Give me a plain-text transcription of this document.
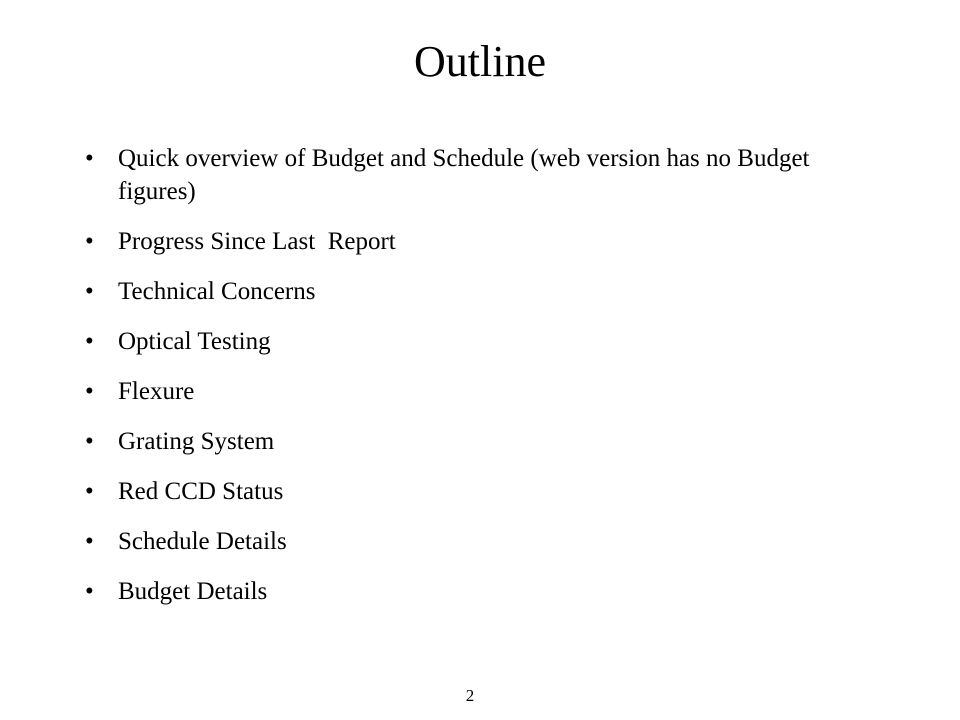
Outline
• Quick overview of Budget and Schedule (web version has no Budget figures)
• Progress Since Last  Report
• Technical Concerns
• Optical Testing
• Flexure
• Grating System
• Red CCD Status
• Schedule Details
• Budget Details
2
